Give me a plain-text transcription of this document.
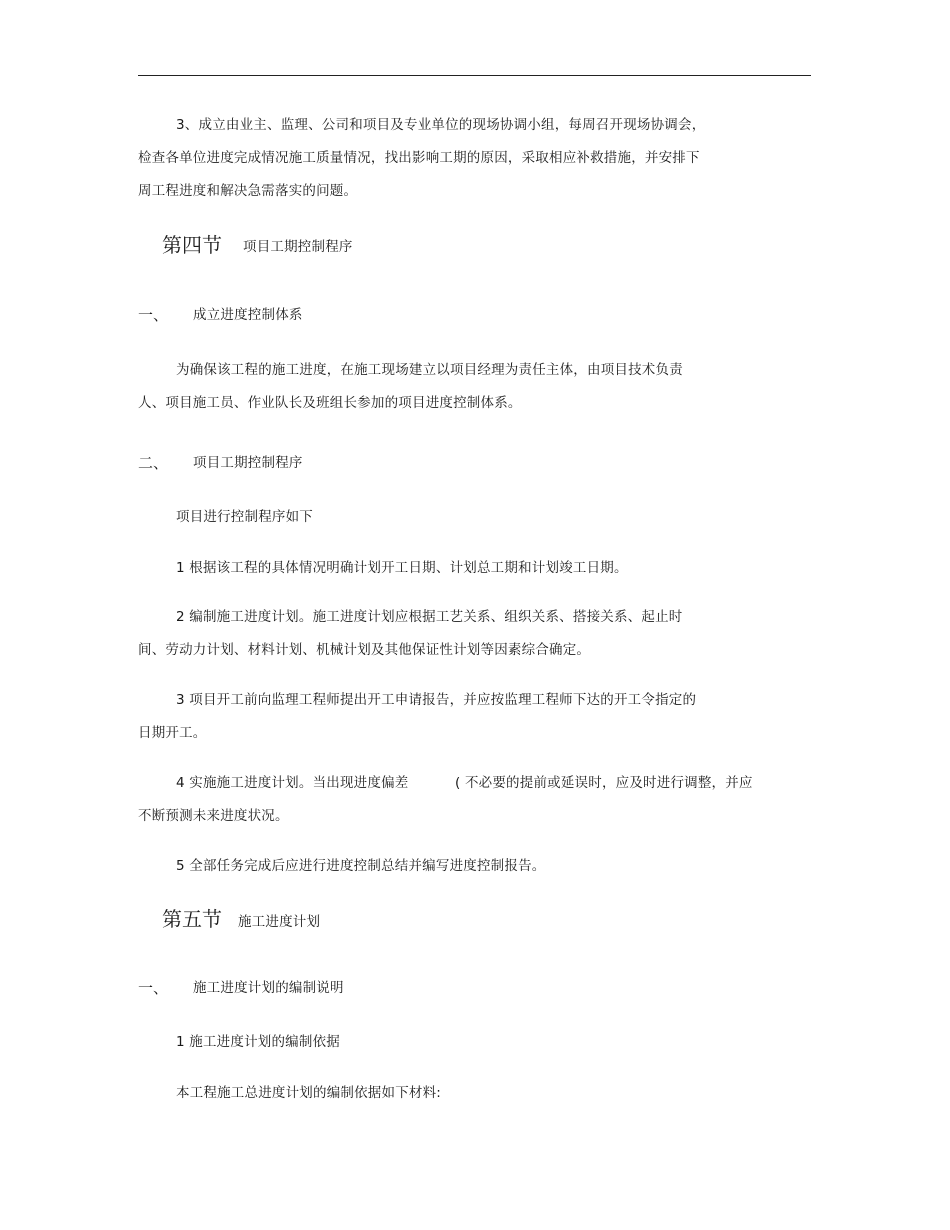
3、成立由业主、监理、公司和项目及专业单位的现场协调小组，每周召开现场协调会，
检查各单位进度完成情况施工质量情况，找出影响工期的原因，采取相应补救措施，并安排下
周工程进度和解决急需落实的问题。
第四节 项目工期控制程序
一、 成立进度控制体系
为确保该工程的施工进度，在施工现场建立以项目经理为责任主体，由项目技术负责
人、项目施工员、作业队长及班组长参加的项目进度控制体系。
二、 项目工期控制程序
项目进行控制程序如下
1 根据该工程的具体情况明确计划开工日期、计划总工期和计划竣工日期。
2 编制施工进度计划。施工进度计划应根据工艺关系、组织关系、搭接关系、起止时
间、劳动力计划、材料计划、机械计划及其他保证性计划等因素综合确定。
3 项目开工前向监理工程师提出开工申请报告，并应按监理工程师下达的开工令指定的
日期开工。
4 实施施工进度计划。当出现进度偏差	( 不必要的提前或延误时，应及时进行调整，并应
不断预测未来进度状况。
5 全部任务完成后应进行进度控制总结并编写进度控制报告。
第五节 施工进度计划
一、 施工进度计划的编制说明
1 施工进度计划的编制依据
本工程施工总进度计划的编制依据如下材料:
